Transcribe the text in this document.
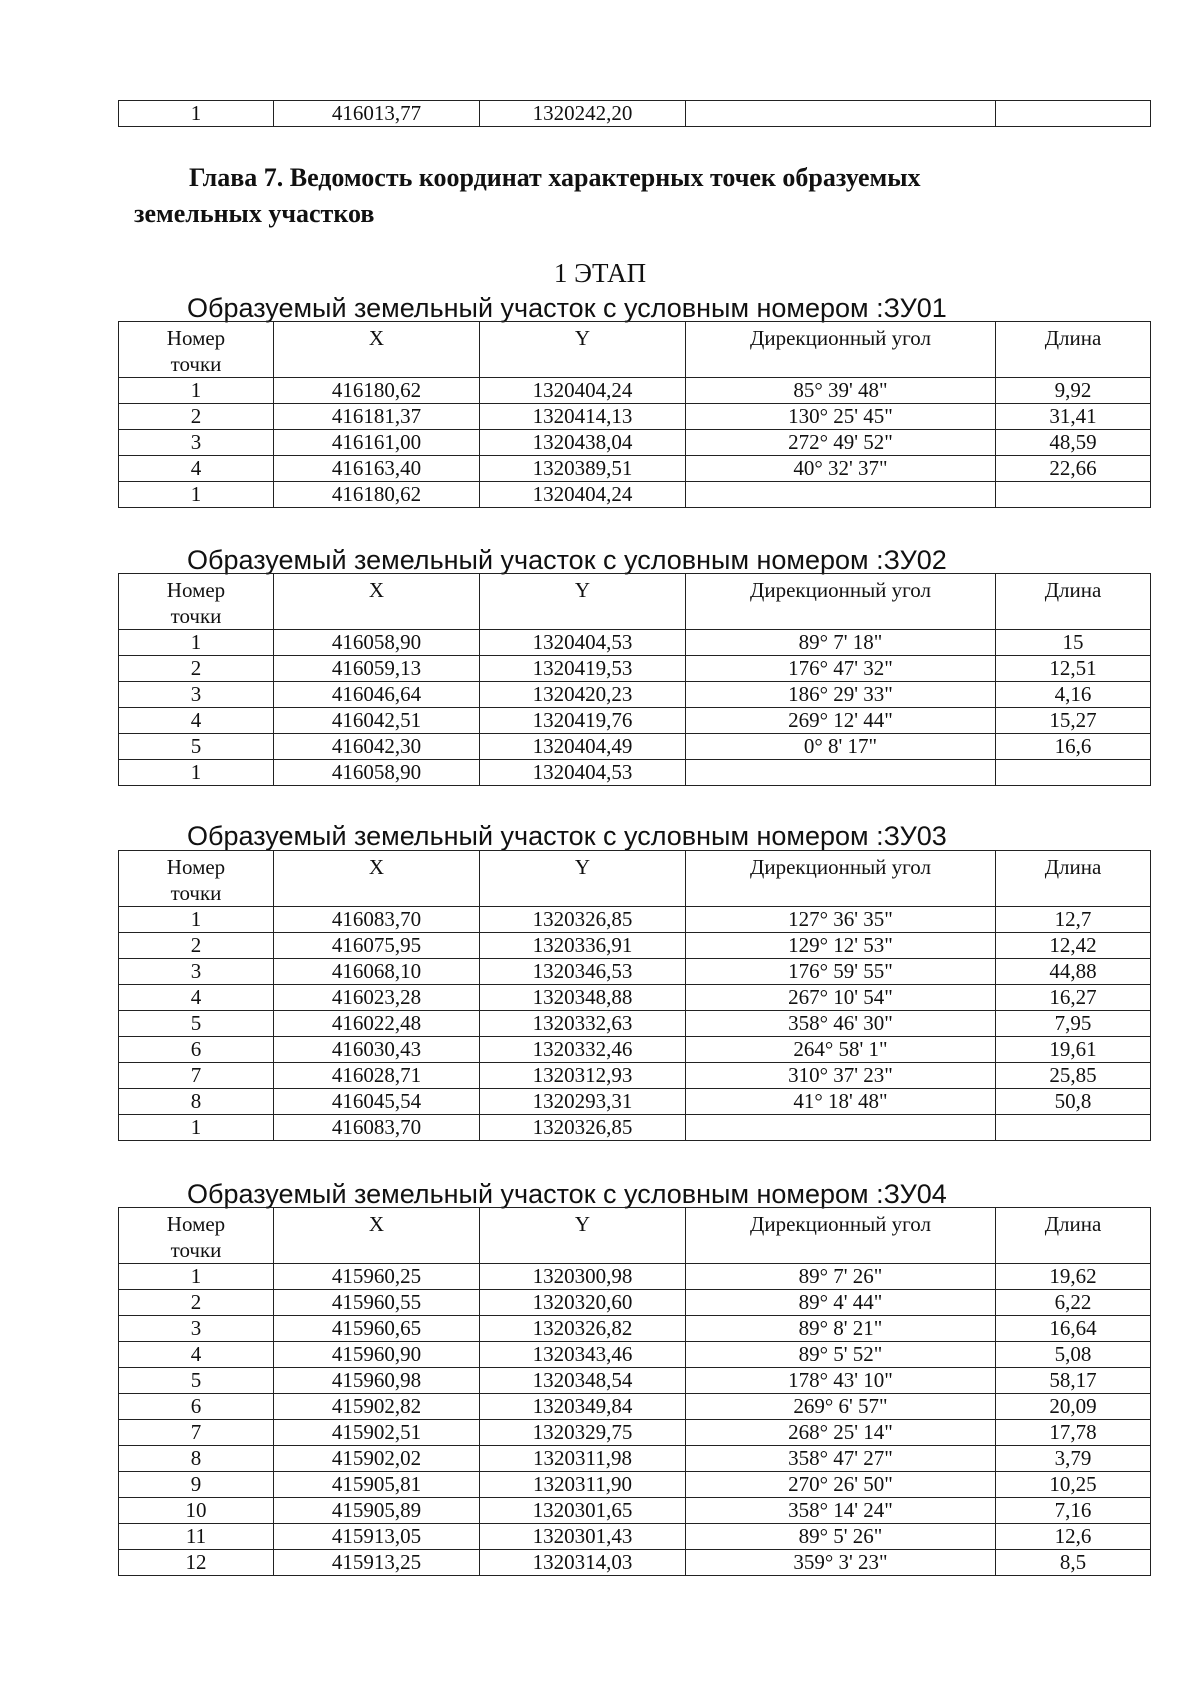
1	416013,77	1320242,20		

Глава 7. Ведомость координат характерных точек образуемых земельных участков

1 ЭТАП

Образуемый земельный участок с условным номером :ЗУ01

Номер точки	X	Y	Дирекционный угол	Длина
1	416180,62	1320404,24	85° 39' 48"	9,92
2	416181,37	1320414,13	130° 25' 45"	31,41
3	416161,00	1320438,04	272° 49' 52"	48,59
4	416163,40	1320389,51	40° 32' 37"	22,66
1	416180,62	1320404,24		

Образуемый земельный участок с условным номером :ЗУ02

Номер точки	X	Y	Дирекционный угол	Длина
1	416058,90	1320404,53	89° 7' 18"	15
2	416059,13	1320419,53	176° 47' 32"	12,51
3	416046,64	1320420,23	186° 29' 33"	4,16
4	416042,51	1320419,76	269° 12' 44"	15,27
5	416042,30	1320404,49	0° 8' 17"	16,6
1	416058,90	1320404,53		

Образуемый земельный участок с условным номером :ЗУ03

Номер точки	X	Y	Дирекционный угол	Длина
1	416083,70	1320326,85	127° 36' 35"	12,7
2	416075,95	1320336,91	129° 12' 53"	12,42
3	416068,10	1320346,53	176° 59' 55"	44,88
4	416023,28	1320348,88	267° 10' 54"	16,27
5	416022,48	1320332,63	358° 46' 30"	7,95
6	416030,43	1320332,46	264° 58' 1"	19,61
7	416028,71	1320312,93	310° 37' 23"	25,85
8	416045,54	1320293,31	41° 18' 48"	50,8
1	416083,70	1320326,85		

Образуемый земельный участок с условным номером :ЗУ04

Номер точки	X	Y	Дирекционный угол	Длина
1	415960,25	1320300,98	89° 7' 26"	19,62
2	415960,55	1320320,60	89° 4' 44"	6,22
3	415960,65	1320326,82	89° 8' 21"	16,64
4	415960,90	1320343,46	89° 5' 52"	5,08
5	415960,98	1320348,54	178° 43' 10"	58,17
6	415902,82	1320349,84	269° 6' 57"	20,09
7	415902,51	1320329,75	268° 25' 14"	17,78
8	415902,02	1320311,98	358° 47' 27"	3,79
9	415905,81	1320311,90	270° 26' 50"	10,25
10	415905,89	1320301,65	358° 14' 24"	7,16
11	415913,05	1320301,43	89° 5' 26"	12,6
12	415913,25	1320314,03	359° 3' 23"	8,5
